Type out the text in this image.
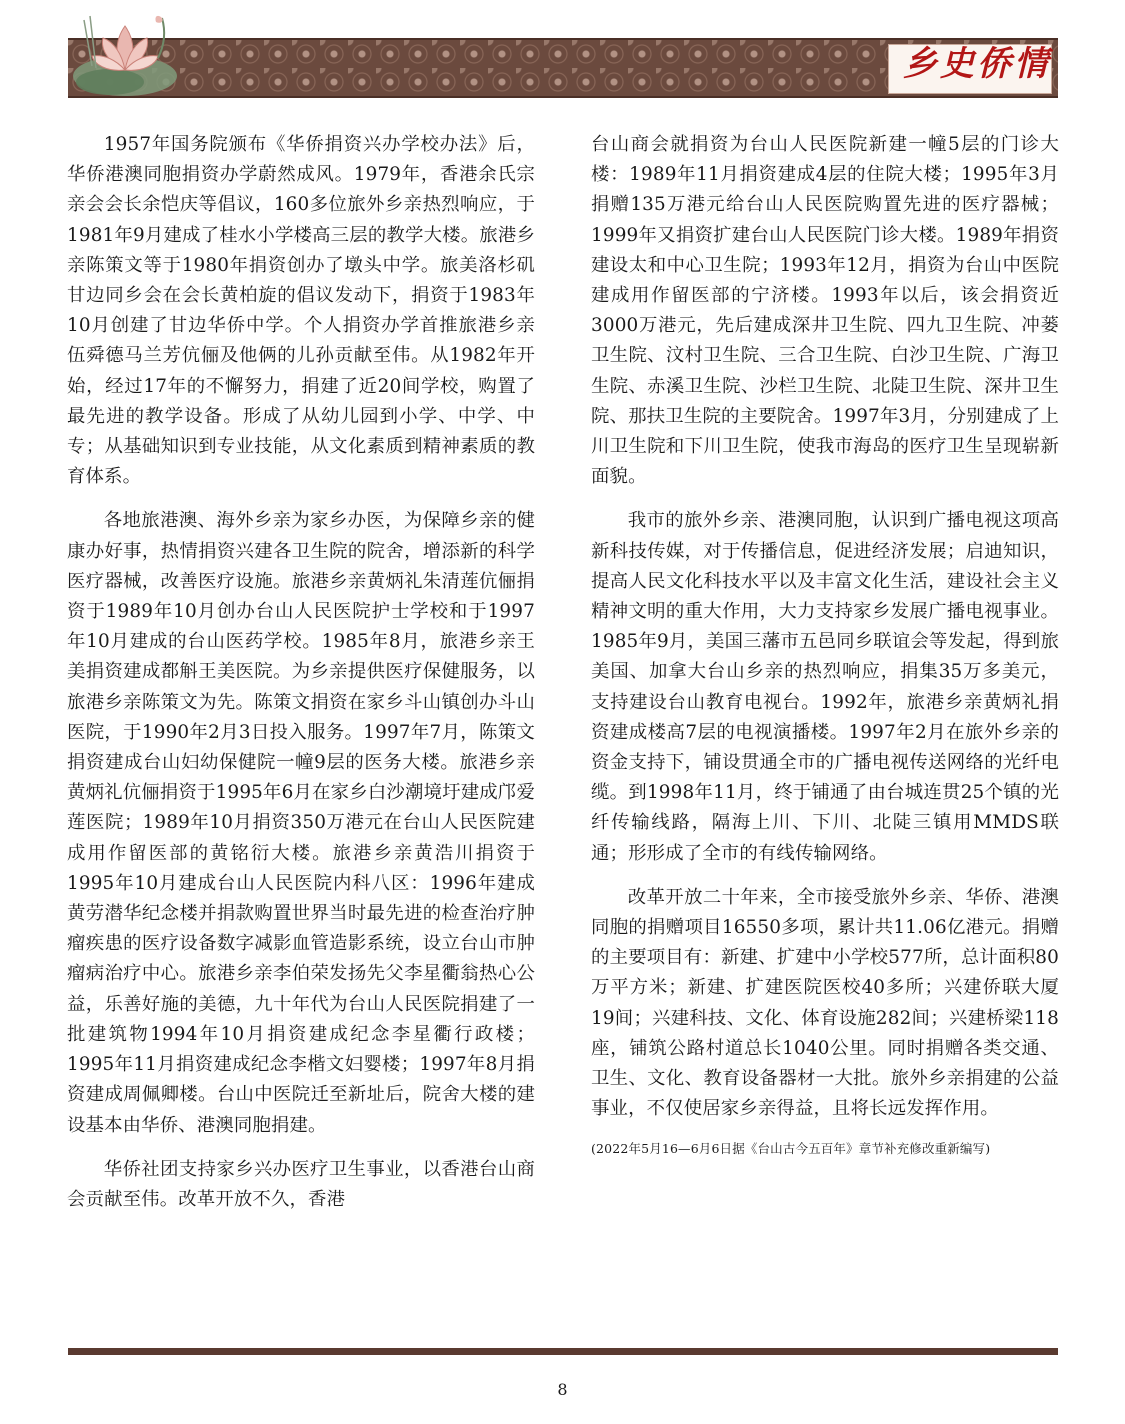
乡史侨情

1957年国务院颁布《华侨捐资兴办学校办法》后，华侨港澳同胞捐资办学蔚然成风。1979年，香港余氏宗亲会会长余恺庆等倡议，160多位旅外乡亲热烈响应，于1981年9月建成了桂水小学楼高三层的教学大楼。旅港乡亲陈策文等于1980年捐资创办了墩头中学。旅美洛杉矶甘边同乡会在会长黄柏旋的倡议发动下，捐资于1983年10月创建了甘边华侨中学。个人捐资办学首推旅港乡亲伍舜德马兰芳伉俪及他俩的儿孙贡献至伟。从1982年开始，经过17年的不懈努力，捐建了近20间学校，购置了最先进的教学设备。形成了从幼儿园到小学、中学、中专；从基础知识到专业技能，从文化素质到精神素质的教育体系。

各地旅港澳、海外乡亲为家乡办医，为保障乡亲的健康办好事，热情捐资兴建各卫生院的院舍，增添新的科学医疗器械，改善医疗设施。旅港乡亲黄炳礼朱清莲伉俪捐资于1989年10月创办台山人民医院护士学校和于1997年10月建成的台山医药学校。1985年8月，旅港乡亲王美捐资建成都斛王美医院。为乡亲提供医疗保健服务，以旅港乡亲陈策文为先。陈策文捐资在家乡斗山镇创办斗山医院，于1990年2月3日投入服务。1997年7月，陈策文捐资建成台山妇幼保健院一幢9层的医务大楼。旅港乡亲黄炳礼伉俪捐资于1995年6月在家乡白沙潮境圩建成邝爱莲医院；1989年10月捐资350万港元在台山人民医院建成用作留医部的黄铭衍大楼。旅港乡亲黄浩川捐资于1995年10月建成台山人民医院内科八区：1996年建成黄劳潜华纪念楼并捐款购置世界当时最先进的检查治疗肿瘤疾患的医疗设备数字减影血管造影系统，设立台山市肿瘤病治疗中心。旅港乡亲李伯荣发扬先父李星衢翁热心公益，乐善好施的美德，九十年代为台山人民医院捐建了一批建筑物1994年10月捐资建成纪念李星衢行政楼；1995年11月捐资建成纪念李楷文妇婴楼；1997年8月捐资建成周佩卿楼。台山中医院迁至新址后，院舍大楼的建设基本由华侨、港澳同胞捐建。

华侨社团支持家乡兴办医疗卫生事业，以香港台山商会贡献至伟。改革开放不久，香港

台山商会就捐资为台山人民医院新建一幢5层的门诊大楼：1989年11月捐资建成4层的住院大楼；1995年3月捐赠135万港元给台山人民医院购置先进的医疗器械；1999年又捐资扩建台山人民医院门诊大楼。1989年捐资建设太和中心卫生院；1993年12月，捐资为台山中医院建成用作留医部的宁济楼。1993年以后，该会捐资近3000万港元，先后建成深井卫生院、四九卫生院、冲蒌卫生院、汶村卫生院、三合卫生院、白沙卫生院、广海卫生院、赤溪卫生院、沙栏卫生院、北陡卫生院、深井卫生院、那扶卫生院的主要院舍。1997年3月，分别建成了上川卫生院和下川卫生院，使我市海岛的医疗卫生呈现崭新面貌。

我市的旅外乡亲、港澳同胞，认识到广播电视这项高新科技传媒，对于传播信息，促进经济发展；启迪知识，提高人民文化科技水平以及丰富文化生活，建设社会主义精神文明的重大作用，大力支持家乡发展广播电视事业。1985年9月，美国三藩市五邑同乡联谊会等发起，得到旅美国、加拿大台山乡亲的热烈响应，捐集35万多美元，支持建设台山教育电视台。1992年，旅港乡亲黄炳礼捐资建成楼高7层的电视演播楼。1997年2月在旅外乡亲的资金支持下，铺设贯通全市的广播电视传送网络的光纤电缆。到1998年11月，终于铺通了由台城连贯25个镇的光纤传输线路，隔海上川、下川、北陡三镇用MMDS联通；形形成了全市的有线传输网络。

改革开放二十年来，全市接受旅外乡亲、华侨、港澳同胞的捐赠项目16550多项，累计共11.06亿港元。捐赠的主要项目有：新建、扩建中小学校577所，总计面积80万平方米；新建、扩建医院医校40多所；兴建侨联大厦19间；兴建科技、文化、体育设施282间；兴建桥梁118座，铺筑公路村道总长1040公里。同时捐赠各类交通、卫生、文化、教育设备器材一大批。旅外乡亲捐建的公益事业，不仅使居家乡亲得益，且将长远发挥作用。

(2022年5月16—6月6日据《台山古今五百年》章节补充修改重新编写)

8
